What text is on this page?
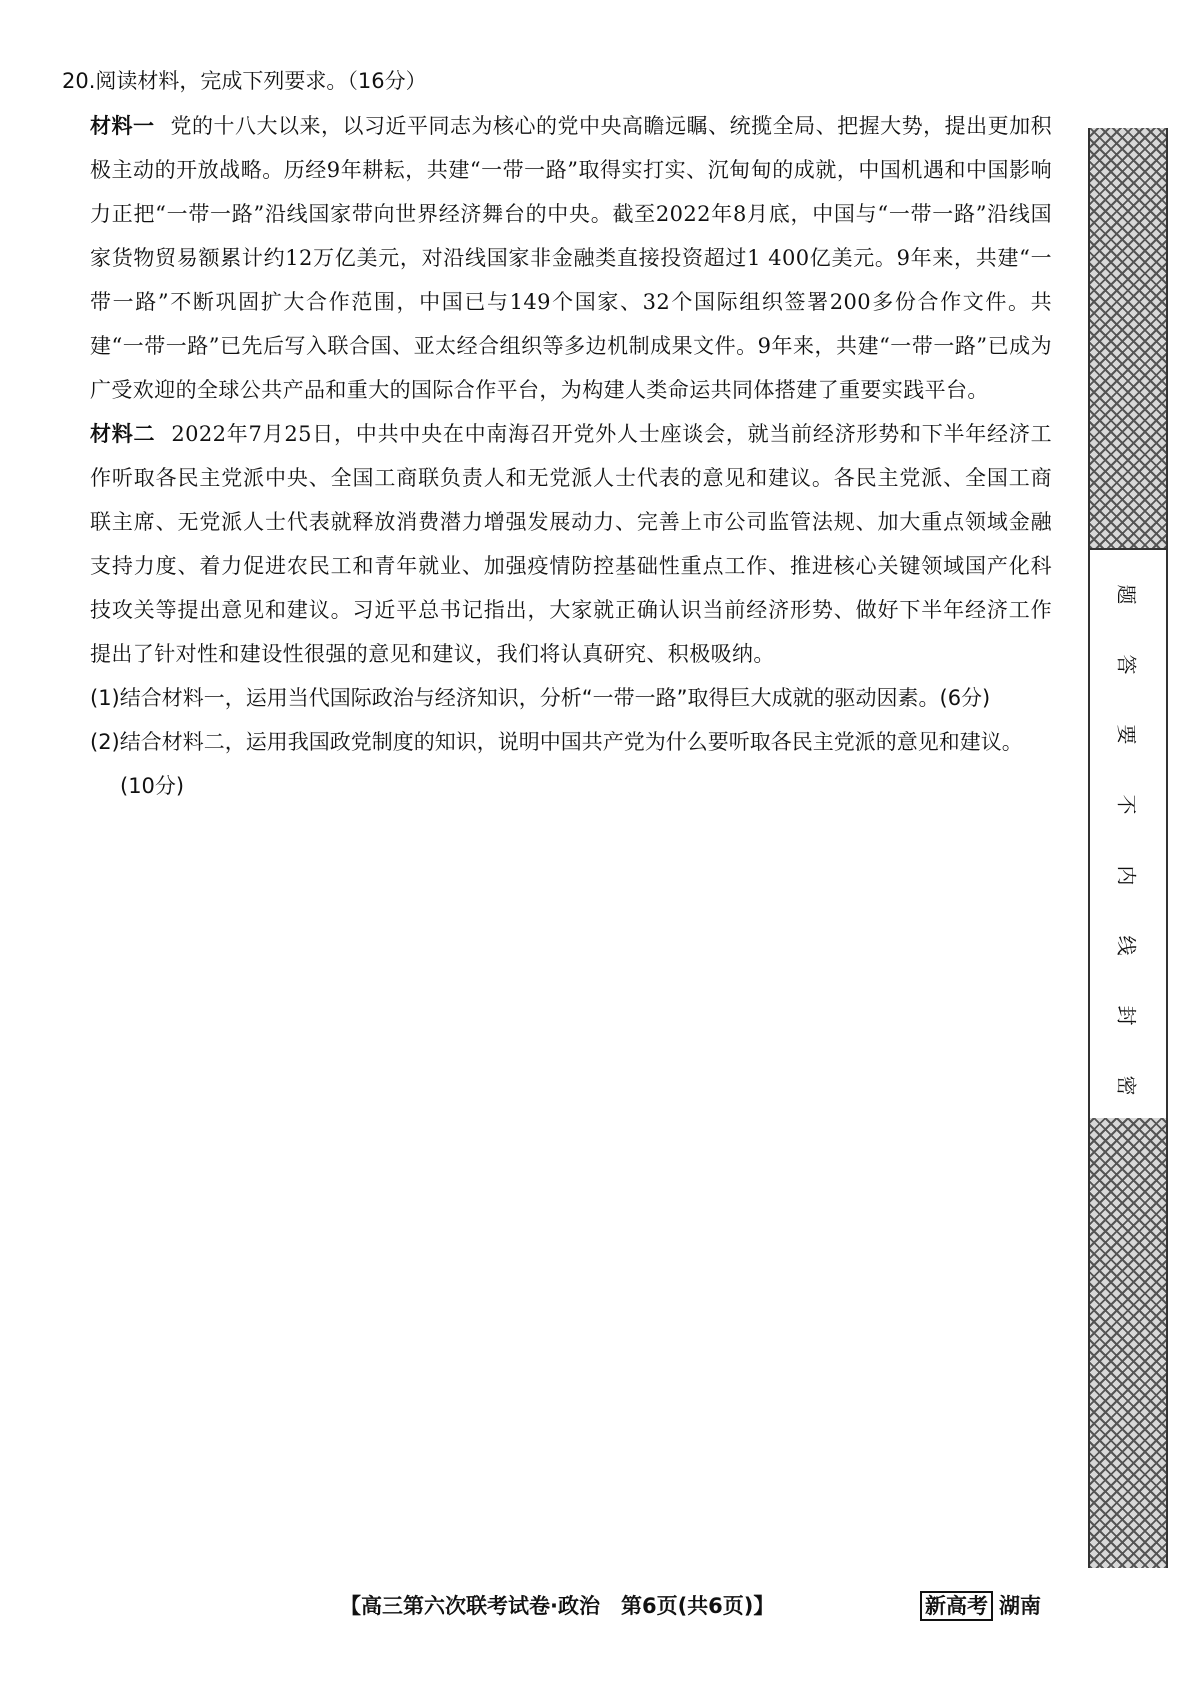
20.阅读材料，完成下列要求。（16分）

材料一 党的十八大以来，以习近平同志为核心的党中央高瞻远瞩、统揽全局、把握大势，提出更加积极主动的开放战略。历经9年耕耘，共建“一带一路”取得实打实、沉甸甸的成就，中国机遇和中国影响力正把“一带一路”沿线国家带向世界经济舞台的中央。截至2022年8月底，中国与“一带一路”沿线国家货物贸易额累计约12万亿美元，对沿线国家非金融类直接投资超过1 400亿美元。9年来，共建“一带一路”不断巩固扩大合作范围，中国已与149个国家、32个国际组织签署200多份合作文件。共建“一带一路”已先后写入联合国、亚太经合组织等多边机制成果文件。9年来，共建“一带一路”已成为广受欢迎的全球公共产品和重大的国际合作平台，为构建人类命运共同体搭建了重要实践平台。

材料二 2022年7月25日，中共中央在中南海召开党外人士座谈会，就当前经济形势和下半年经济工作听取各民主党派中央、全国工商联负责人和无党派人士代表的意见和建议。各民主党派、全国工商联主席、无党派人士代表就释放消费潜力增强发展动力、完善上市公司监管法规、加大重点领域金融支持力度、着力促进农民工和青年就业、加强疫情防控基础性重点工作、推进核心关键领域国产化科技攻关等提出意见和建议。习近平总书记指出，大家就正确认识当前经济形势、做好下半年经济工作提出了针对性和建设性很强的意见和建议，我们将认真研究、积极吸纳。

(1)结合材料一，运用当代国际政治与经济知识，分析“一带一路”取得巨大成就的驱动因素。(6分)
(2)结合材料二，运用我国政党制度的知识，说明中国共产党为什么要听取各民主党派的意见和建议。
(10分)
题
答
要
不
内
线
封
密
【高三第六次联考试卷·政治　第6页(共6页)】	新高考 湖南
